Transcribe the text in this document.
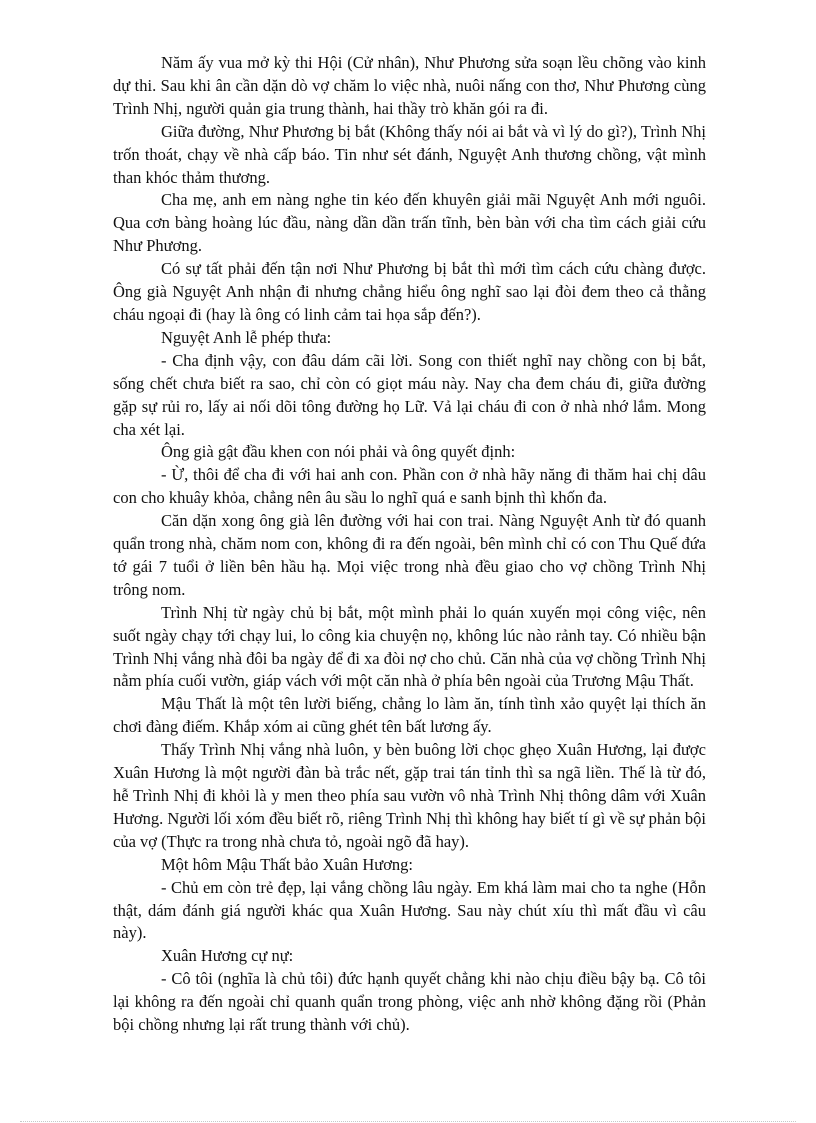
Năm ấy vua mở kỳ thi Hội (Cử nhân), Như Phương sửa soạn lều chõng vào kinh dự thi. Sau khi ân cần dặn dò vợ chăm lo việc nhà, nuôi nấng con thơ, Như Phương cùng Trình Nhị, người quản gia trung thành, hai thầy trò khăn gói ra đi.

Giữa đường, Như Phương bị bắt (Không thấy nói ai bắt và vì lý do gì?), Trình Nhị trốn thoát, chạy về nhà cấp báo. Tin như sét đánh, Nguyệt Anh thương chồng, vật mình than khóc thảm thương.

Cha mẹ, anh em nàng nghe tin kéo đến khuyên giải mãi Nguyệt Anh mới nguôi. Qua cơn bàng hoàng lúc đầu, nàng dần dần trấn tĩnh, bèn bàn với cha tìm cách giải cứu Như Phương.

Có sự tất phải đến tận nơi Như Phương bị bắt thì mới tìm cách cứu chàng được. Ông già Nguyệt Anh nhận đi nhưng chẳng hiểu ông nghĩ sao lại đòi đem theo cả thằng cháu ngoại đi (hay là ông có linh cảm tai họa sắp đến?).

Nguyệt Anh lễ phép thưa:

- Cha định vậy, con đâu dám cãi lời. Song con thiết nghĩ nay chồng con bị bắt, sống chết chưa biết ra sao, chỉ còn có giọt máu này. Nay cha đem cháu đi, giữa đường gặp sự rủi ro, lấy ai nối dõi tông đường họ Lữ. Vả lại cháu đi con ở nhà nhớ lắm. Mong cha xét lại.

Ông già gật đầu khen con nói phải và ông quyết định:

- Ừ, thôi để cha đi với hai anh con. Phần con ở nhà hãy năng đi thăm hai chị dâu con cho khuây khỏa, chẳng nên âu sầu lo nghĩ quá e sanh bịnh thì khốn đa.

Căn dặn xong ông già lên đường với hai con trai. Nàng Nguyệt Anh từ đó quanh quẩn trong nhà, chăm nom con, không đi ra đến ngoài, bên mình chỉ có con Thu Quế đứa tớ gái 7 tuổi ở liền bên hầu hạ. Mọi việc trong nhà đều giao cho vợ chồng Trình Nhị trông nom.

Trình Nhị từ ngày chủ bị bắt, một mình phải lo quán xuyến mọi công việc, nên suốt ngày chạy tới chạy lui, lo công kia chuyện nọ, không lúc nào rảnh tay. Có nhiều bận Trình Nhị vắng nhà đôi ba ngày để đi xa đòi nợ cho chủ. Căn nhà của vợ chồng Trình Nhị nằm phía cuối vườn, giáp vách với một căn nhà ở phía bên ngoài của Trương Mậu Thất.

Mậu Thất là một tên lười biếng, chẳng lo làm ăn, tính tình xảo quyệt lại thích ăn chơi đàng điếm. Khắp xóm ai cũng ghét tên bất lương ấy.

Thấy Trình Nhị vắng nhà luôn, y bèn buông lời chọc ghẹo Xuân Hương, lại được Xuân Hương là một người đàn bà trắc nết, gặp trai tán tỉnh thì sa ngã liền. Thế là từ đó, hễ Trình Nhị đi khỏi là y men theo phía sau vườn vô nhà Trình Nhị thông dâm với Xuân Hương. Người lối xóm đều biết rõ, riêng Trình Nhị thì không hay biết tí gì về sự phản bội của vợ (Thực ra trong nhà chưa tỏ, ngoài ngõ đã hay).

Một hôm Mậu Thất bảo Xuân Hương:

- Chủ em còn trẻ đẹp, lại vắng chồng lâu ngày. Em khá làm mai cho ta nghe (Hỗn thật, dám đánh giá người khác qua Xuân Hương. Sau này chút xíu thì mất đầu vì câu này).

Xuân Hương cự nự:

- Cô tôi (nghĩa là chủ tôi) đức hạnh quyết chẳng khi nào chịu điều bậy bạ. Cô tôi lại không ra đến ngoài chỉ quanh quẩn trong phòng, việc anh nhờ không đặng rồi (Phản bội chồng nhưng lại rất trung thành với chủ).
